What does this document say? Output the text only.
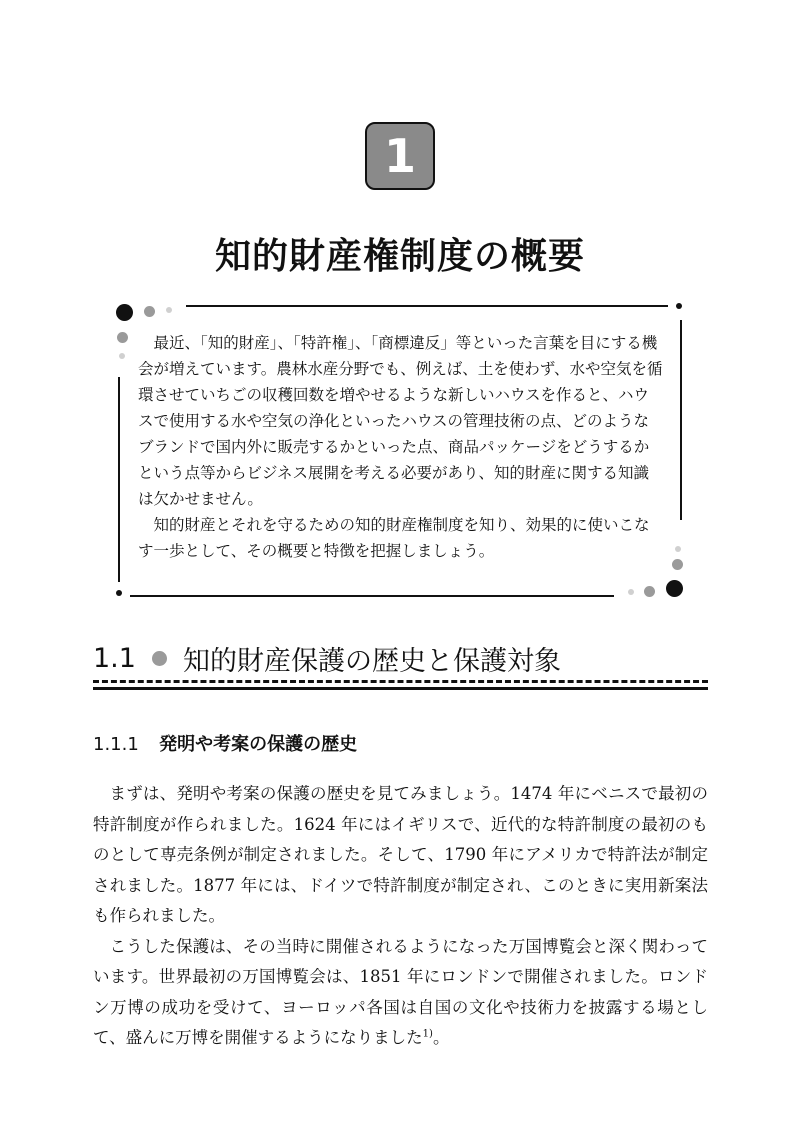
1
知的財産権制度の概要

最近、「知的財産」、「特許権」、「商標違反」等といった言葉を目にする機会が増えています。農林水産分野でも、例えば、土を使わず、水や空気を循環させていちごの収穫回数を増やせるような新しいハウスを作ると、ハウスで使用する水や空気の浄化といったハウスの管理技術の点、どのようなブランドで国内外に販売するかといった点、商品パッケージをどうするかという点等からビジネス展開を考える必要があり、知的財産に関する知識は欠かせません。

知的財産とそれを守るための知的財産権制度を知り、効果的に使いこなす一歩として、その概要と特徴を把握しましょう。

1.1 知的財産保護の歴史と保護対象
1.1.1 発明や考案の保護の歴史

まずは、発明や考案の保護の歴史を見てみましょう。1474 年にベニスで最初の特許制度が作られました。1624 年にはイギリスで、近代的な特許制度の最初のものとして専売条例が制定されました。そして、1790 年にアメリカで特許法が制定されました。1877 年には、ドイツで特許制度が制定され、このときに実用新案法も作られました。

こうした保護は、その当時に開催されるようになった万国博覧会と深く関わっています。世界最初の万国博覧会は、1851 年にロンドンで開催されました。ロンドン万博の成功を受けて、ヨーロッパ各国は自国の文化や技術力を披露する場として、盛んに万博を開催するようになりました$^{1)}$。
